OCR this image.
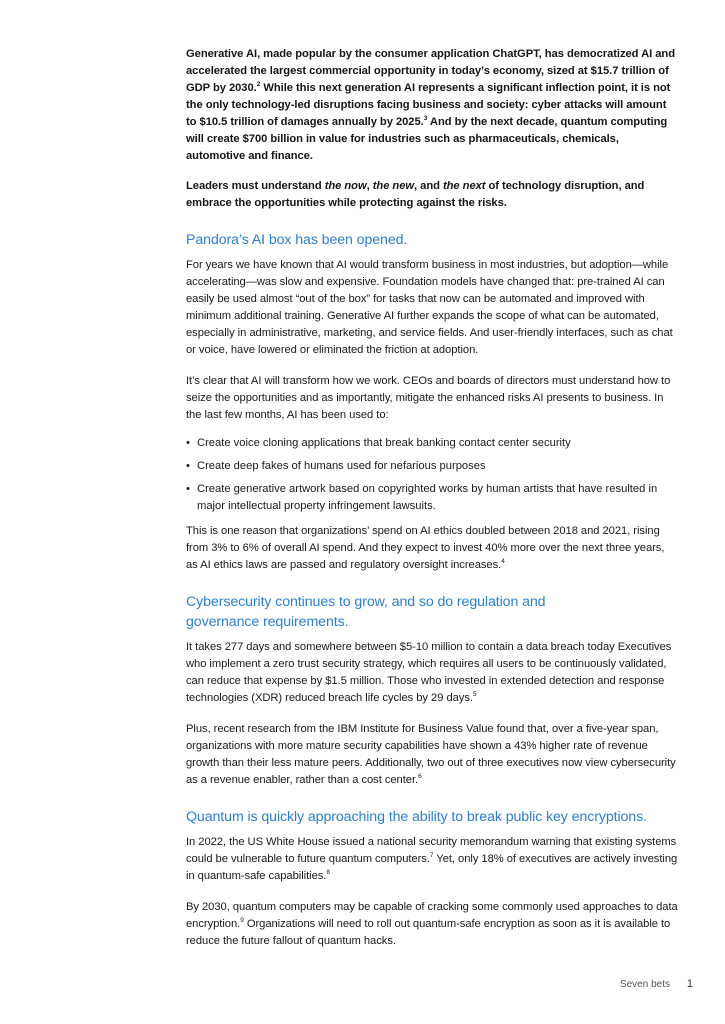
Generative AI, made popular by the consumer application ChatGPT, has democratized AI and accelerated the largest commercial opportunity in today’s economy, sized at $15.7 trillion of GDP by 2030.$^2$ While this next generation AI represents a significant inflection point, it is not the only technology-led disruptions facing business and society: cyber attacks will amount to $10.5 trillion of damages annually by 2025.$^3$ And by the next decade, quantum computing will create $700 billion in value for industries such as pharmaceuticals, chemicals, automotive and finance.

Leaders must understand the now, the new, and the next of technology disruption, and embrace the opportunities while protecting against the risks.

Pandora’s AI box has been opened.

For years we have known that AI would transform business in most industries, but adoption—while accelerating—was slow and expensive. Foundation models have changed that: pre-trained AI can easily be used almost “out of the box” for tasks that now can be automated and improved with minimum additional training. Generative AI further expands the scope of what can be automated, especially in administrative, marketing, and service fields. And user-friendly interfaces, such as chat or voice, have lowered or eliminated the friction at adoption.

It’s clear that AI will transform how we work. CEOs and boards of directors must understand how to seize the opportunities and as importantly, mitigate the enhanced risks AI presents to business. In the last few months, AI has been used to:

• Create voice cloning applications that break banking contact center security
• Create deep fakes of humans used for nefarious purposes
• Create generative artwork based on copyrighted works by human artists that have resulted in major intellectual property infringement lawsuits.

This is one reason that organizations’ spend on AI ethics doubled between 2018 and 2021, rising from 3% to 6% of overall AI spend. And they expect to invest 40% more over the next three years, as AI ethics laws are passed and regulatory oversight increases.$^4$

Cybersecurity continues to grow, and so do regulation and
governance requirements.

It takes 277 days and somewhere between $5-10 million to contain a data breach today Executives who implement a zero trust security strategy, which requires all users to be continuously validated, can reduce that expense by $1.5 million. Those who invested in extended detection and response technologies (XDR) reduced breach life cycles by 29 days.$^5$

Plus, recent research from the IBM Institute for Business Value found that, over a five-year span, organizations with more mature security capabilities have shown a 43% higher rate of revenue growth than their less mature peers. Additionally, two out of three executives now view cybersecurity as a revenue enabler, rather than a cost center.$^6$

Quantum is quickly approaching the ability to break public key encryptions.

In 2022, the US White House issued a national security memorandum warning that existing systems could be vulnerable to future quantum computers.$^7$ Yet, only 18% of executives are actively investing in quantum-safe capabilities.$^8$

By 2030, quantum computers may be capable of cracking some commonly used approaches to data encryption.$^9$ Organizations will need to roll out quantum-safe encryption as soon as it is available to reduce the future fallout of quantum hacks.

Seven bets 1
